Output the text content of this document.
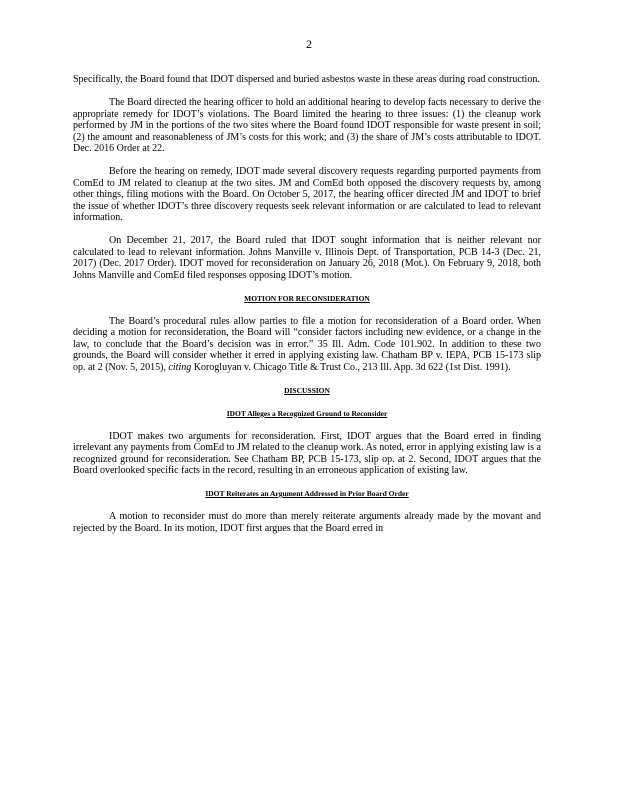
2

Specifically, the Board found that IDOT dispersed and buried asbestos waste in these areas during road construction.

The Board directed the hearing officer to hold an additional hearing to develop facts necessary to derive the appropriate remedy for IDOT’s violations. The Board limited the hearing to three issues: (1) the cleanup work performed by JM in the portions of the two sites where the Board found IDOT responsible for waste present in soil; (2) the amount and reasonableness of JM’s costs for this work; and (3) the share of JM’s costs attributable to IDOT. Dec. 2016 Order at 22.

Before the hearing on remedy, IDOT made several discovery requests regarding purported payments from ComEd to JM related to cleanup at the two sites. JM and ComEd both opposed the discovery requests by, among other things, filing motions with the Board. On October 5, 2017, the hearing officer directed JM and IDOT to brief the issue of whether IDOT’s three discovery requests seek relevant information or are calculated to lead to relevant information.

On December 21, 2017, the Board ruled that IDOT sought information that is neither relevant nor calculated to lead to relevant information. Johns Manville v. Illinois Dept. of Transportation, PCB 14-3 (Dec. 21, 2017) (Dec. 2017 Order). IDOT moved for reconsideration on January 26, 2018 (Mot.). On February 9, 2018, both Johns Manville and ComEd filed responses opposing IDOT’s motion.

MOTION FOR RECONSIDERATION

The Board’s procedural rules allow parties to file a motion for reconsideration of a Board order. When deciding a motion for reconsideration, the Board will “consider factors including new evidence, or a change in the law, to conclude that the Board’s decision was in error.” 35 Ill. Adm. Code 101.902. In addition to these two grounds, the Board will consider whether it erred in applying existing law. Chatham BP v. IEPA, PCB 15-173 slip op. at 2 (Nov. 5, 2015), citing Korogluyan v. Chicago Title & Trust Co., 213 Ill. App. 3d 622 (1st Dist. 1991).

DISCUSSION
IDOT Alleges a Recognized Ground to Reconsider

IDOT makes two arguments for reconsideration. First, IDOT argues that the Board erred in finding irrelevant any payments from ComEd to JM related to the cleanup work. As noted, error in applying existing law is a recognized ground for reconsideration. See Chatham BP, PCB 15-173, slip op. at 2. Second, IDOT argues that the Board overlooked specific facts in the record, resulting in an erroneous application of existing law.

IDOT Reiterates an Argument Addressed in Prior Board Order

A motion to reconsider must do more than merely reiterate arguments already made by the movant and rejected by the Board. In its motion, IDOT first argues that the Board erred in
